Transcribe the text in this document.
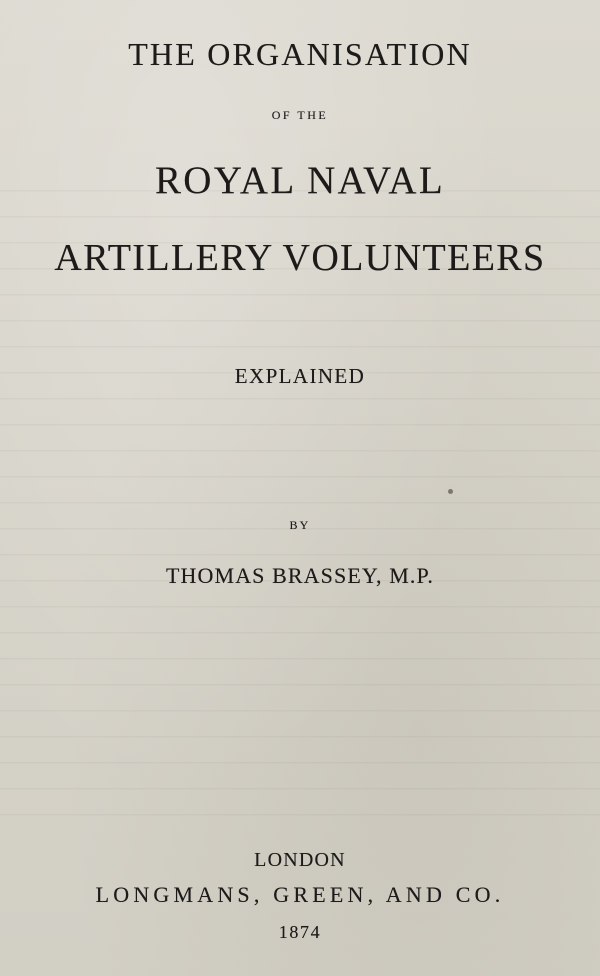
THE ORGANISATION
OF THE
ROYAL NAVAL
ARTILLERY VOLUNTEERS
EXPLAINED
BY
THOMAS BRASSEY, M.P.
LONDON
LONGMANS, GREEN, AND CO.
1874
